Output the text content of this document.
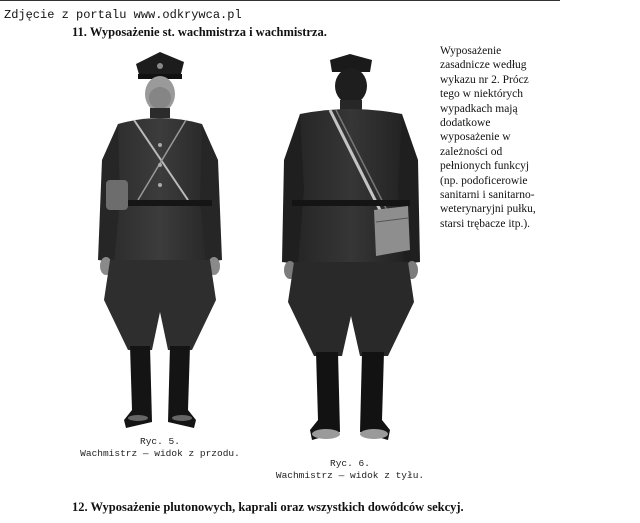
Zdjęcie z portalu www.odkrywca.pl
11. Wyposażenie st. wachmistrza i wachmistrza.
Wyposażenie
zasadnicze według
wykazu nr 2. Prócz
tego w niektórych
wypadkach mają
dodatkowe
wyposażenie w
zależności od
pełnionych funkcyj
(np. podoficerowie
sanitarni i sanitarno-
weterynaryjni pułku,
starsi trębacze itp.).
Ryc. 5.
Wachmistrz — widok z przodu.
Ryc. 6.
Wachmistrz — widok z tyłu.
12. Wyposażenie plutonowych, kaprali oraz wszystkich dowódców sekcyj.
